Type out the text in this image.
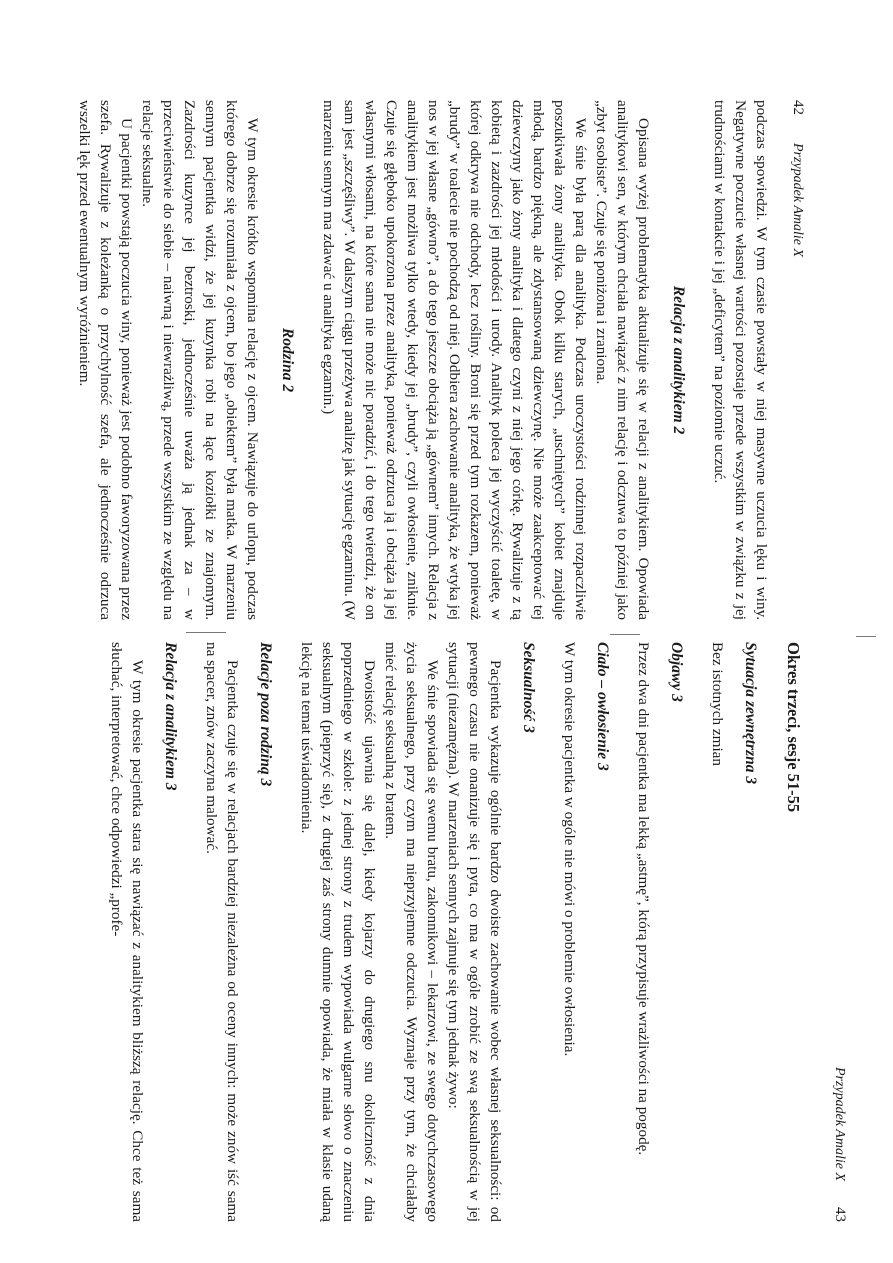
42
Przypadek Amalie X

podczas spowiedzi. W tym czasie powstały w niej masywne uczucia lęku i winy. Negatywne poczucie własnej wartości pozostaje przede wszystkim w związku z jej trudnościami w kontakcie i jej „deficytem” na poziomie uczuć.

Relacja z analitykiem 2

Opisana wyżej problematyka aktualizuje się w relacji z analitykiem. Opowiada analitykowi sen, w którym chciała nawiązać z nim relację i odczuwa to później jako „zbyt osobiste”. Czuje się poniżona i zraniona.

We śnie była parą dla analityka. Podczas uroczystości rodzinnej rozpaczliwie poszukiwała żony analityka. Obok kilku starych, „uschniętych” kobiet znajduje młodą, bardzo piękną, ale zdystansowaną dziewczynę. Nie może zaakceptować tej dziewczyny jako żony analityka i dlatego czyni z niej jego córkę. Rywalizuje z tą kobietą i zazdrości jej młodości i urody. Analityk poleca jej wyczyścić toaletę, w której odkrywa nie odchody, lecz rośliny. Broni się przed tym rozkazem, ponieważ „brudy” w toalecie nie pochodzą od niej. Odbiera zachowanie analityka, że wtyka jej nos w jej własne „gówno”, a do tego jeszcze obciąża ją „gównem” innych. Relacja z analitykiem jest możliwa tylko wtedy, kiedy jej „brudy”, czyli owłosienie, zniknie. Czuje się głęboko upokorzona przez analityka, ponieważ odrzuca ją i obciąża ją jej własnymi włosami, na które sama nie może nic poradzić, i do tego twierdzi, że on sam jest „szczęśliwy”. W dalszym ciągu przeżywa analizę jak sytuację egzaminu. (W marzeniu sennym ma zdawać u analityka egzamin.)

Rodzina 2

W tym okresie krótko wspomina relację z ojcem. Nawiązuje do urlopu, podczas którego dobrze się rozumiała z ojcem, bo jego „obiektem” była matka. W marzeniu sennym pacjentka widzi, że jej kuzynka robi na łące koziołki ze znajomym. Zazdrości kuzynce jej beztroski, jednocześnie uważa ją jednak za – w przeciwieństwie do siebie – naiwną i niewrażliwą, przede wszystkim ze względu na relacje seksualne.

U pacjentki powstają poczucia winy, ponieważ jest podobno faworyzowana przez szefa. Rywalizuje z koleżanką o przychylność szefa, ale jednocześnie odrzuca wszelki lęk przed ewentualnym wyróżnieniem.

Przypadek Amalie X
43
Okres trzeci, sesje 51-55
Sytuacja zewnętrzna 3

Bez istotnych zmian

Objawy 3

Przez dwa dni pacjentka ma lekką „astmę”, którą przypisuje wrażliwości na pogodę.

Ciało – owłosienie 3

W tym okresie pacjentka w ogóle nie mówi o problemie owłosienia.

Seksualność 3

Pacjentka wykazuje ogólnie bardzo dwoiste zachowanie wobec własnej seksualności: od pewnego czasu nie onanizuje się i pyta, co ma w ogóle zrobić ze swą seksualnością w jej sytuacji (niezamężna). W marzeniach sennych zajmuje się tym jednak żywo:

We śnie spowiada się swemu bratu, zakonnikowi – lekarzowi, ze swego dotychczasowego życia seksualnego, przy czym ma nieprzyjemne odczucia. Wyznaje przy tym, że chciałaby mieć relację seksualną z bratem.

Dwoistość ujawnia się dalej, kiedy kojarzy do drugiego snu okoliczność z dnia poprzedniego w szkole: z jednej strony z trudem wypowiada wulgarne słowo o znaczeniu seksualnym (pieprzyć się), z drugiej zaś strony dumnie opowiada, że miała w klasie udaną lekcję na temat uświadomienia.

Relacje poza rodziną 3

Pacjentka czuje się w relacjach bardziej niezależna od oceny innych: może znów iść sama na spacer, znów zaczyna malować.

Relacja z analitykiem 3

W tym okresie pacjentka stara się nawiązać z analitykiem bliższą relację. Chce też sama słuchać, interpretować, chce odpowiedzi „profe-
